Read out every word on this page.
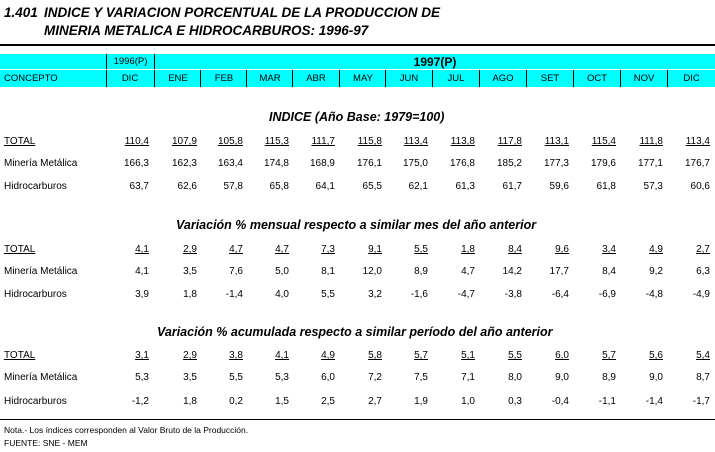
1.401 INDICE Y VARIACION PORCENTUAL DE LA PRODUCCION DE
MINERIA METALICA E HIDROCARBUROS: 1996-97
1996(P)	1997(P)
CONCEPTO	DIC	ENE	FEB	MAR	ABR	MAY	JUN	JUL	AGO	SET	OCT	NOV	DIC
INDICE (Año Base: 1979=100)
TOTAL	110,4	107,9	105,8	115,3	111,7	115,8	113,4	113,8	117,8	113,1	115,4	111,8	113,4
Minería Metálica	166,3	162,3	163,4	174,8	168,9	176,1	175,0	176,8	185,2	177,3	179,6	177,1	176,7
Hidrocarburos	63,7	62,6	57,8	65,8	64,1	65,5	62,1	61,3	61,7	59,6	61,8	57,3	60,6
Variación % mensual respecto a similar mes del año anterior
TOTAL	4,1	2,9	4,7	4,7	7,3	9,1	5,5	1,8	8,4	9,6	3,4	4,9	2,7
Minería Metálica	4,1	3,5	7,6	5,0	8,1	12,0	8,9	4,7	14,2	17,7	8,4	9,2	6,3
Hidrocarburos	3,9	1,8	-1,4	4,0	5,5	3,2	-1,6	-4,7	-3,8	-6,4	-6,9	-4,8	-4,9
Variación % acumulada respecto a similar período del año anterior
TOTAL	3,1	2,9	3,8	4,1	4,9	5,8	5,7	5,1	5,5	6,0	5,7	5,6	5,4
Minería Metálica	5,3	3,5	5,5	5,3	6,0	7,2	7,5	7,1	8,0	9,0	8,9	9,0	8,7
Hidrocarburos	-1,2	1,8	0,2	1,5	2,5	2,7	1,9	1,0	0,3	-0,4	-1,1	-1,4	-1,7
Nota.- Los índices corresponden al Valor Bruto de la Producción.
FUENTE: SNE - MEM
